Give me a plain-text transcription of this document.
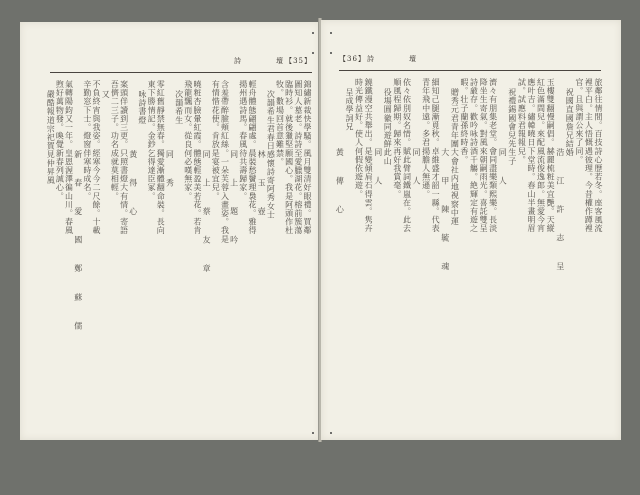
詩	壇 【35】
錦繡新裁快學騷。風月雙清好眼禮。買鄰
圖知人墓老。詩詩至愛臘湖花。榕前簇蕩
臨時衫。就後獵堅願國心。我是阿頭作杜
牧。數場回首意難禁。
次韻希生君春日感懷詩寄阿秀女士
林 玉 壺
輕舟體態翩翩處。晨裝愁鬢理裊花。雅得
揚州遇詩馬。春風待共壽歸家。
同 上 題 吟
含羞帶醉臉頰紅絲。一朵芙蓉入畫姿。我是
有情惜花使。肯放是宴被宜兒。
同 上 蔡 友 章
曉粧杏臉暈紅霞。體態輕盈美若花。若肯
飛龍飄而女。從良何必嘆無家。
次韻希生
同 秀
零紅舊靜禁無春。獨愛漸體翻命裝。長向
東下勝情記。金鈔乞得達臣冢。
咏詩書燈
黃 得 心
案頭伴讀到三更。只照書燈大有情。寄語
吾儕二三子。功名成就莫相輕。
又
不負終宵與我姿。經寒今今二尺餘。十載
辛勤窓下士。燈窗伴寒時成名。
新 春 愛 國 鄭 蘇 儒
氣轉陽鈞又一年。皇恩渥澤徧山川。春風
煦好萬物發。喚覺新春列誠心。
嚴酷報道宗祀賀見仲昇風
【36】 詩	壇
旅鄰往情間。百技詩心歷若冬。座客風流
裡平白。主人悟慨遇彼理。今昔權作蹲裡
官。且與謂公來了同。
祝國直國詹兄結婚
浩 江 許 志 呈
玉樓雙翻慢嗣倡。赫麗梳粧美宜艷。天縱
紅色滿間兒。來配風流俊逸郎。無愛今宵
應叶吉。繡幃曉日下堂時。春山半畫明眉
試。試應料君報報兒。
祝禮錫國會兒先生子
同 人
濟々有朋集老堂。會同盡樂類熙樂。長淡
降坐生寄氣。對風來朝嗣雨光。喜託雙呈
詩厳存。歡吟咏詩酒千觴。絶輝定有遊之
暇。壮子蘭孫終時香。
贈秀元君青年團大會社内地視察中運
大 甲 陳 毓 魂
細知己腿漸覓秋。卓維盛才韶一縣。代表
青年飛中遠。多君揚膽人無遜。
同 人
依々依別奴名惜。賦此臂詞鐵嵐在。此去
順風程歸期。歸來再好我賞毫。
役場圓徽同遊鮮此山
同 人
鐃鐵漫空共舉出。是變傾肩石得雲。隽卉
時光傳益好。使人何假依遊遊。
呈成學詞兄
黃 傳 心
